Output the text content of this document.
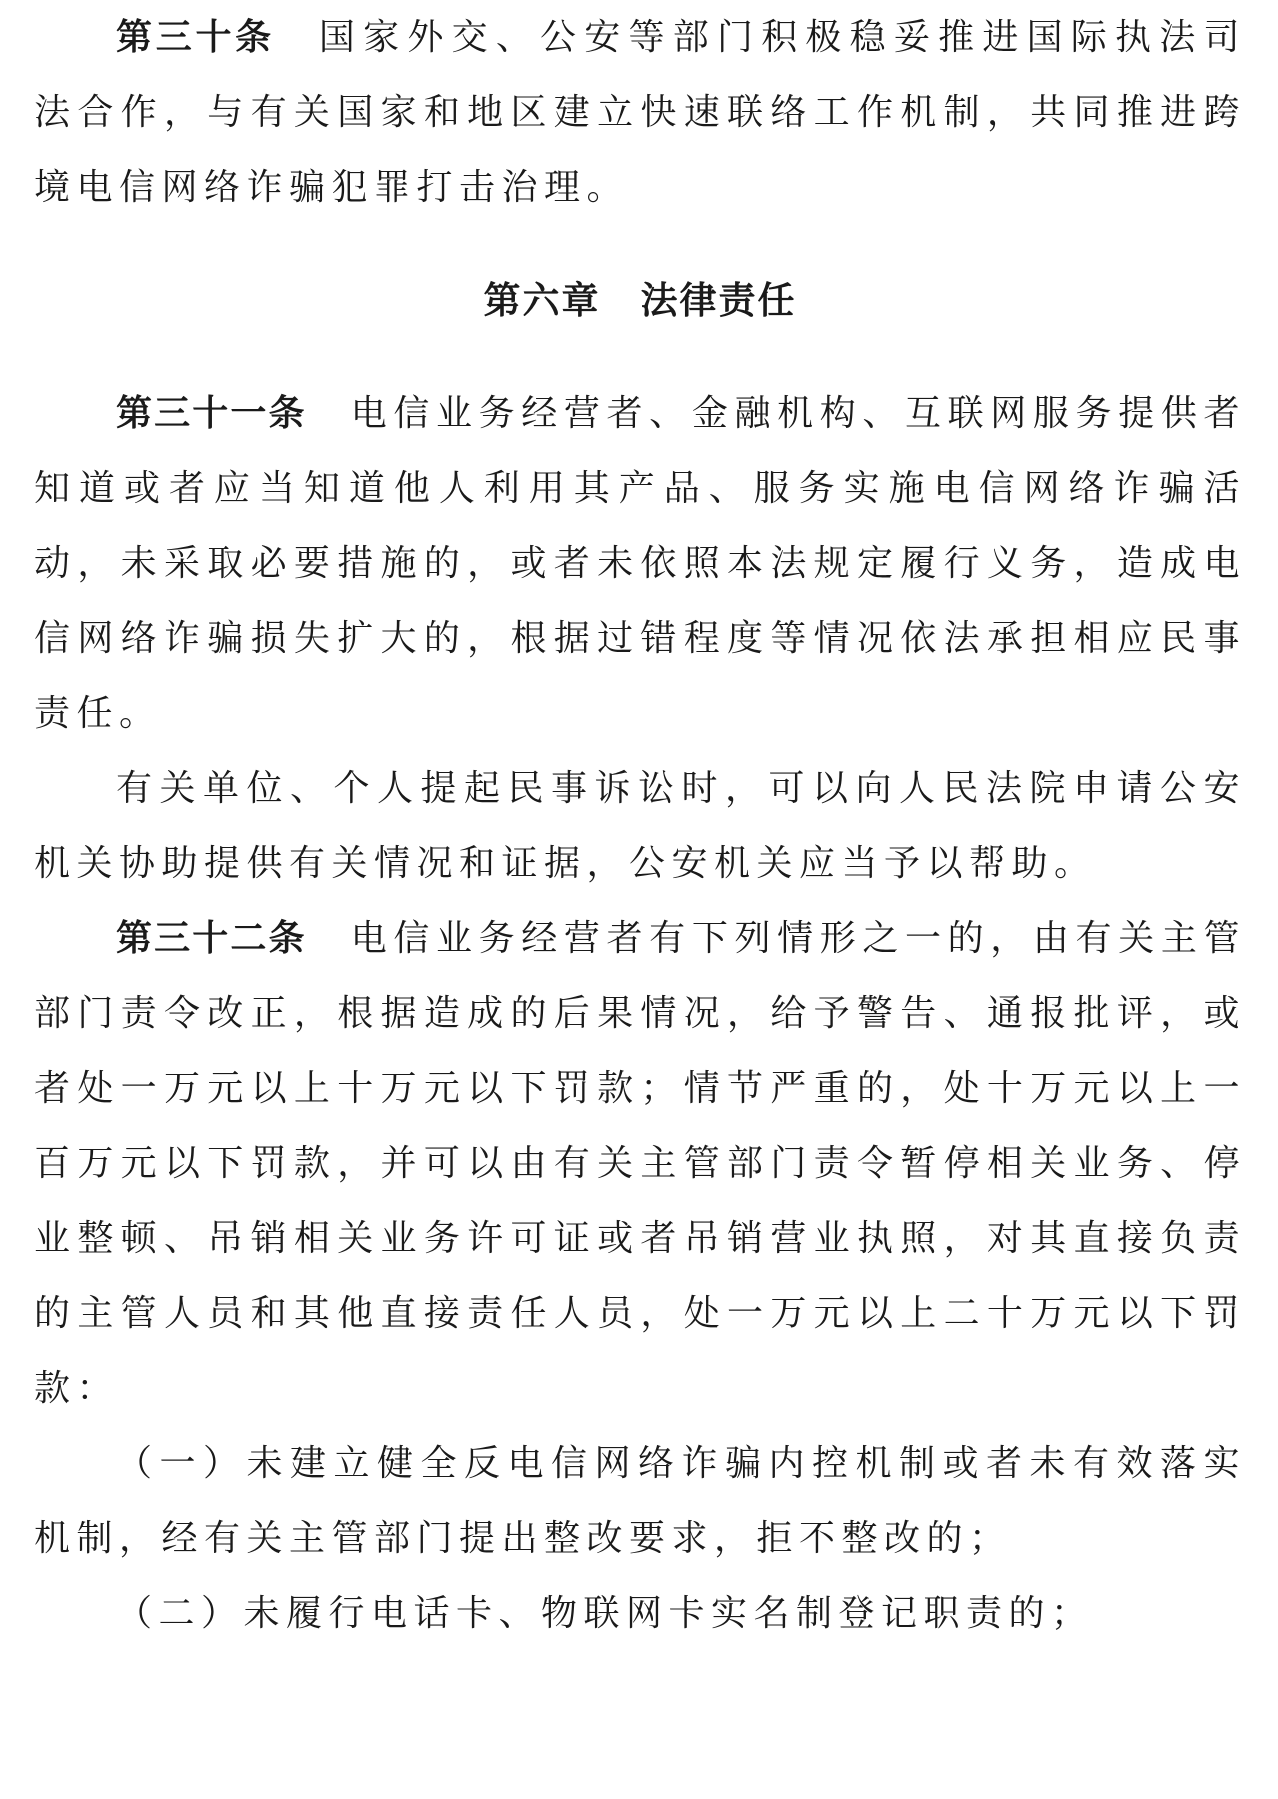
第三十条 国家外交、公安等部门积极稳妥推进国际执法司法合作，与有关国家和地区建立快速联络工作机制，共同推进跨境电信网络诈骗犯罪打击治理。

第六章 法律责任

第三十一条 电信业务经营者、金融机构、互联网服务提供者知道或者应当知道他人利用其产品、服务实施电信网络诈骗活动，未采取必要措施的，或者未依照本法规定履行义务，造成电信网络诈骗损失扩大的，根据过错程度等情况依法承担相应民事责任。

有关单位、个人提起民事诉讼时，可以向人民法院申请公安机关协助提供有关情况和证据，公安机关应当予以帮助。

第三十二条 电信业务经营者有下列情形之一的，由有关主管部门责令改正，根据造成的后果情况，给予警告、通报批评，或者处一万元以上十万元以下罚款；情节严重的，处十万元以上一百万元以下罚款，并可以由有关主管部门责令暂停相关业务、停业整顿、吊销相关业务许可证或者吊销营业执照，对其直接负责的主管人员和其他直接责任人员，处一万元以上二十万元以下罚款：

（一）未建立健全反电信网络诈骗内控机制或者未有效落实机制，经有关主管部门提出整改要求，拒不整改的；

（二）未履行电话卡、物联网卡实名制登记职责的；
